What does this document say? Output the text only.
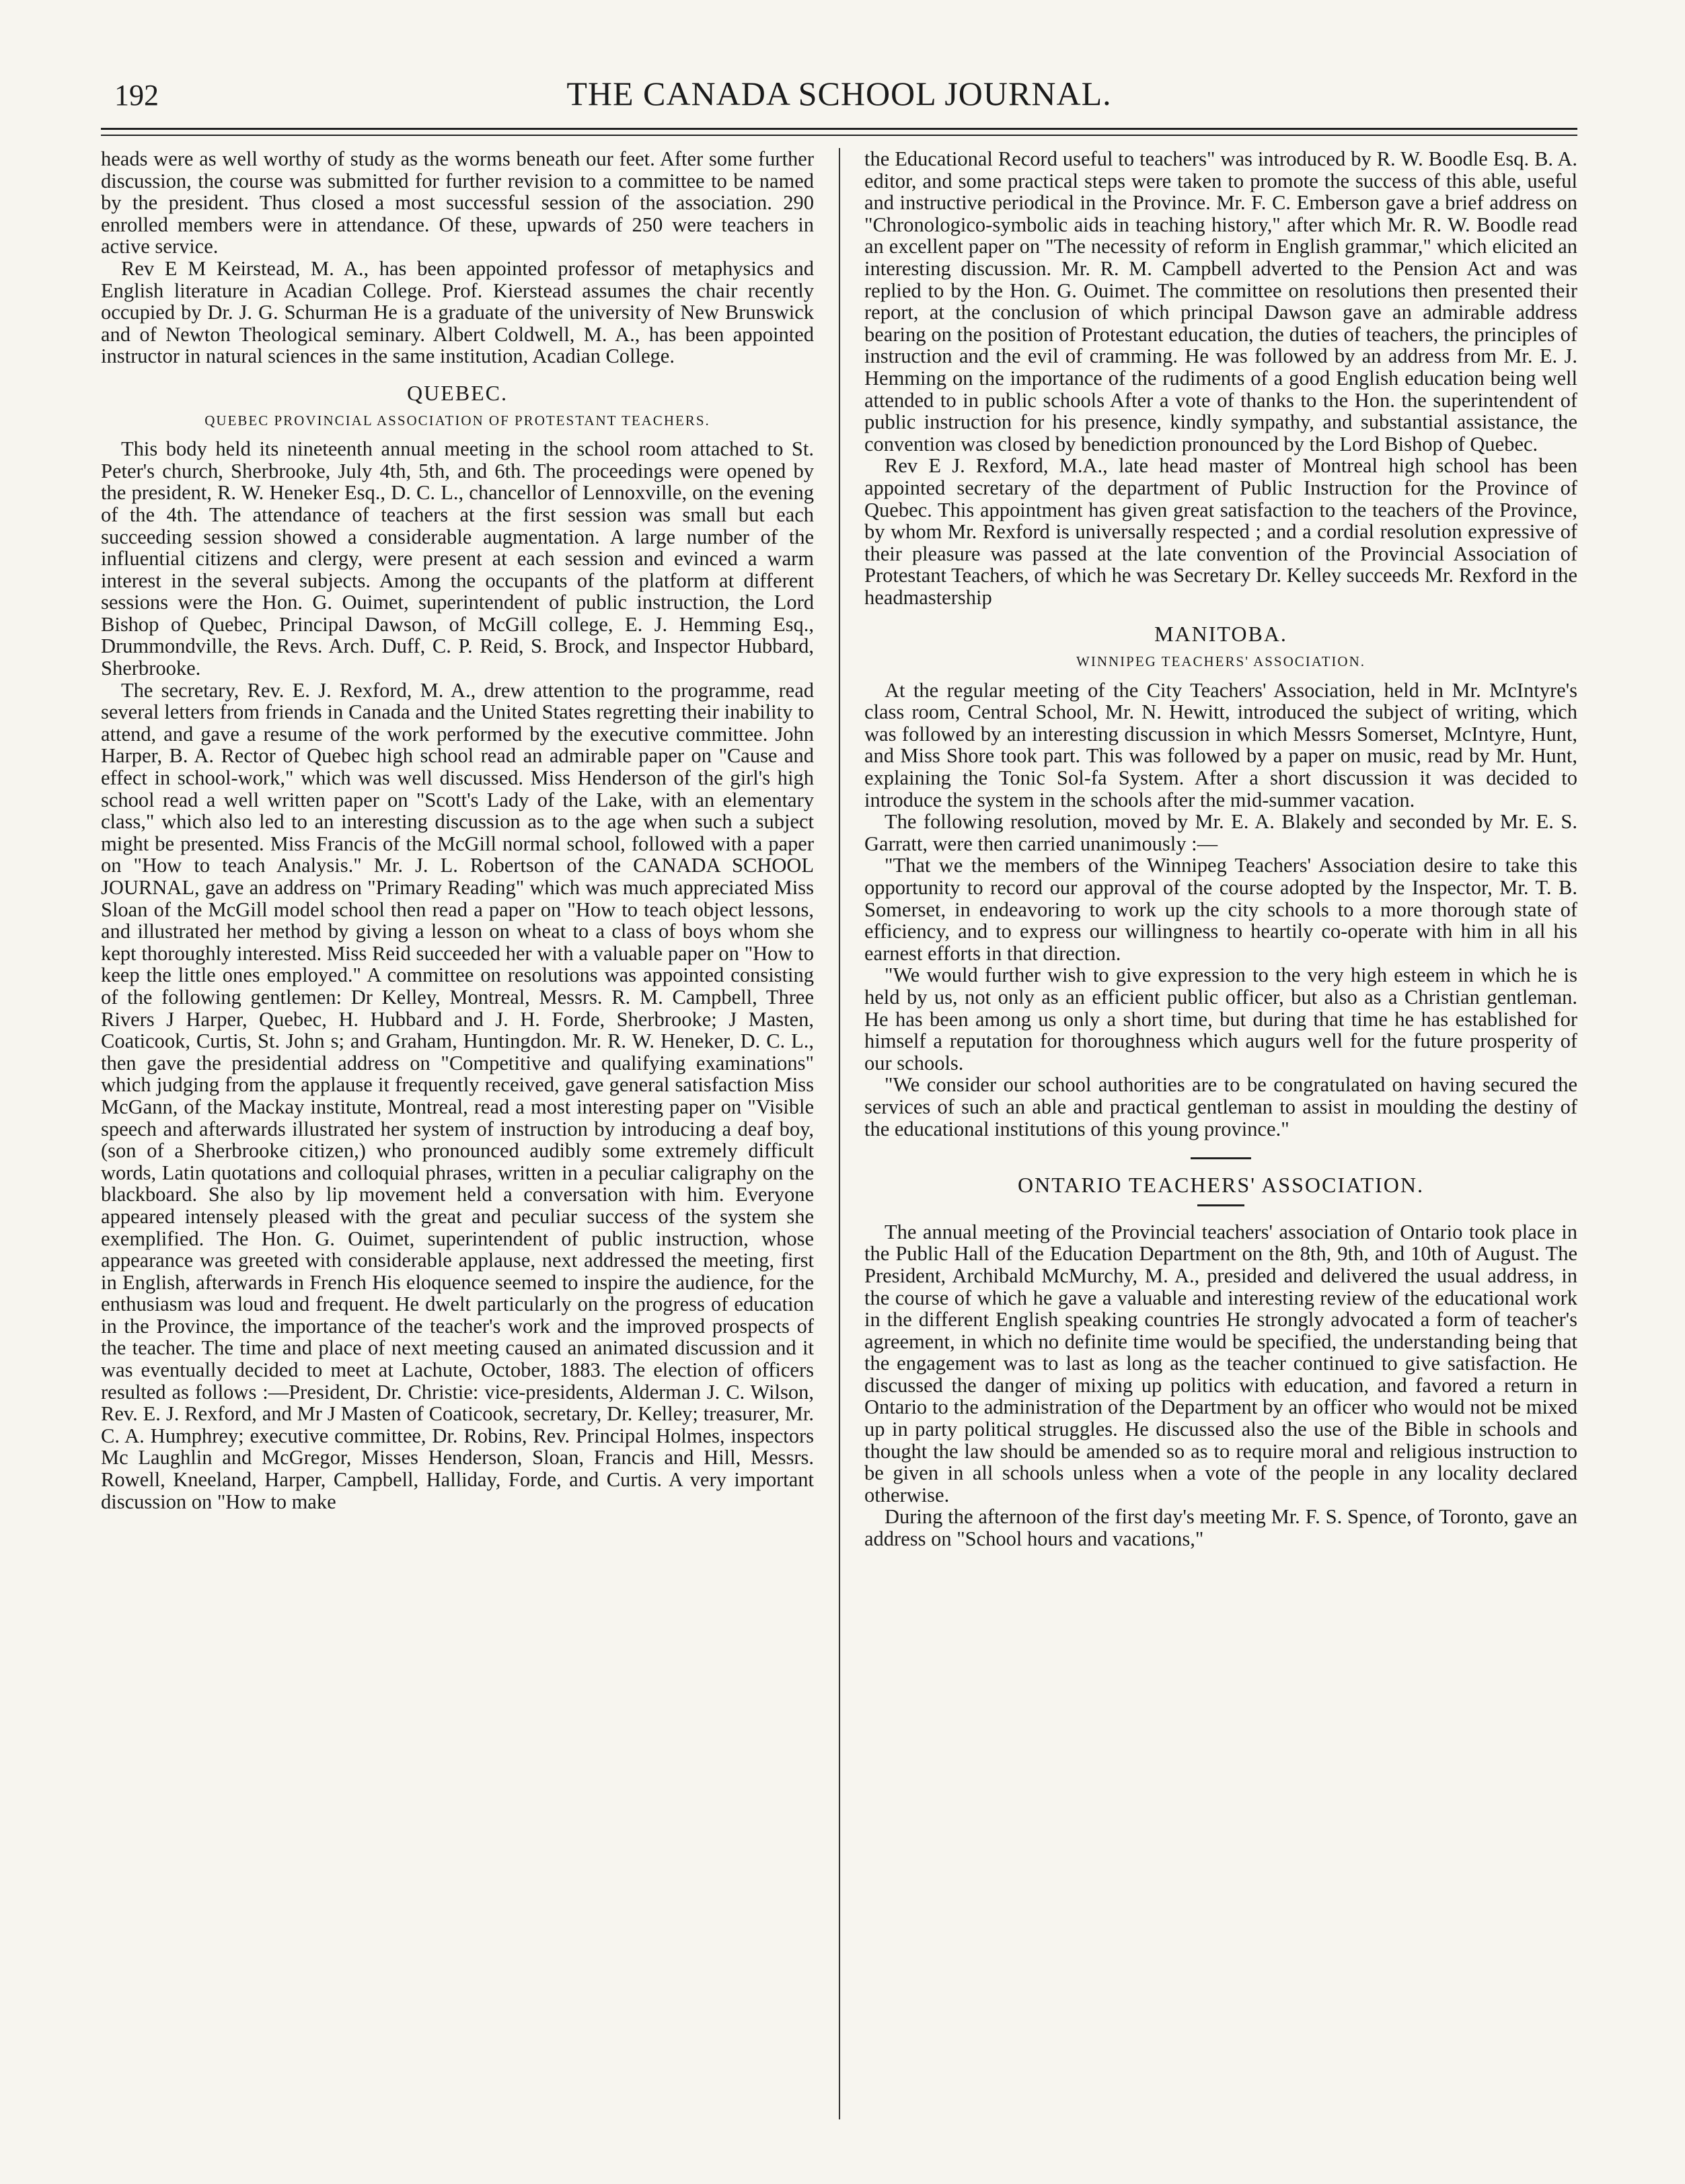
192	THE CANADA SCHOOL JOURNAL.

heads were as well worthy of study as the worms beneath our feet. After some further discussion, the course was submitted for further revision to a committee to be named by the president. Thus closed a most successful session of the association. 290 enrolled members were in attendance. Of these, upwards of 250 were teachers in active service.

Rev E M Keirstead, M. A., has been appointed professor of metaphysics and English literature in Acadian College. Prof. Kierstead assumes the chair recently occupied by Dr. J. G. Schurman He is a graduate of the university of New Brunswick and of Newton Theological seminary. Albert Coldwell, M. A., has been appointed instructor in natural sciences in the same institution, Acadian College.

QUEBEC.
QUEBEC PROVINCIAL ASSOCIATION OF PROTESTANT TEACHERS.

This body held its nineteenth annual meeting in the school room attached to St. Peter's church, Sherbrooke, July 4th, 5th, and 6th. The proceedings were opened by the president, R. W. Heneker Esq., D. C. L., chancellor of Lennoxville, on the evening of the 4th. The attendance of teachers at the first session was small but each succeeding session showed a considerable augmentation. A large number of the influential citizens and clergy, were present at each session and evinced a warm interest in the several subjects. Among the occupants of the platform at different sessions were the Hon. G. Ouimet, superintendent of public instruction, the Lord Bishop of Quebec, Principal Dawson, of McGill college, E. J. Hemming Esq., Drummondville, the Revs. Arch. Duff, C. P. Reid, S. Brock, and Inspector Hubbard, Sherbrooke.

The secretary, Rev. E. J. Rexford, M. A., drew attention to the programme, read several letters from friends in Canada and the United States regretting their inability to attend, and gave a resume of the work performed by the executive committee. John Harper, B. A. Rector of Quebec high school read an admirable paper on "Cause and effect in school-work," which was well discussed. Miss Henderson of the girl's high school read a well written paper on "Scott's Lady of the Lake, with an elementary class," which also led to an interesting discussion as to the age when such a subject might be presented. Miss Francis of the McGill normal school, followed with a paper on "How to teach Analysis." Mr. J. L. Robertson of the CANADA SCHOOL JOURNAL, gave an address on "Primary Reading" which was much appreciated Miss Sloan of the McGill model school then read a paper on "How to teach object lessons, and illustrated her method by giving a lesson on wheat to a class of boys whom she kept thoroughly interested. Miss Reid succeeded her with a valuable paper on "How to keep the little ones employed." A committee on resolutions was appointed consisting of the following gentlemen: Dr Kelley, Montreal, Messrs. R. M. Campbell, Three Rivers J Harper, Quebec, H. Hubbard and J. H. Forde, Sherbrooke; J Masten, Coaticook, Curtis, St. John s; and Graham, Huntingdon. Mr. R. W. Heneker, D. C. L., then gave the presidential address on "Competitive and qualifying examinations" which judging from the applause it frequently received, gave general satisfaction Miss McGann, of the Mackay institute, Montreal, read a most interesting paper on "Visible speech and afterwards illustrated her system of instruction by introducing a deaf boy, (son of a Sherbrooke citizen,) who pronounced audibly some extremely difficult words, Latin quotations and colloquial phrases, written in a peculiar caligraphy on the blackboard. She also by lip movement held a conversation with him. Everyone appeared intensely pleased with the great and peculiar success of the system she exemplified. The Hon. G. Ouimet, superintendent of public instruction, whose appearance was greeted with considerable applause, next addressed the meeting, first in English, afterwards in French His eloquence seemed to inspire the audience, for the enthusiasm was loud and frequent. He dwelt particularly on the progress of education in the Province, the importance of the teacher's work and the improved prospects of the teacher. The time and place of next meeting caused an animated discussion and it was eventually decided to meet at Lachute, October, 1883. The election of officers resulted as follows :—President, Dr. Christie: vice-presidents, Alderman J. C. Wilson, Rev. E. J. Rexford, and Mr J Masten of Coaticook, secretary, Dr. Kelley; treasurer, Mr. C. A. Humphrey; executive committee, Dr. Robins, Rev. Principal Holmes, inspectors Mc Laughlin and McGregor, Misses Henderson, Sloan, Francis and Hill, Messrs. Rowell, Kneeland, Harper, Campbell, Halliday, Forde, and Curtis. A very important discussion on "How to make

the Educational Record useful to teachers" was introduced by R. W. Boodle Esq. B. A. editor, and some practical steps were taken to promote the success of this able, useful and instructive periodical in the Province. Mr. F. C. Emberson gave a brief address on "Chronologico-symbolic aids in teaching history," after which Mr. R. W. Boodle read an excellent paper on "The necessity of reform in English grammar," which elicited an interesting discussion. Mr. R. M. Campbell adverted to the Pension Act and was replied to by the Hon. G. Ouimet. The committee on resolutions then presented their report, at the conclusion of which principal Dawson gave an admirable address bearing on the position of Protestant education, the duties of teachers, the principles of instruction and the evil of cramming. He was followed by an address from Mr. E. J. Hemming on the importance of the rudiments of a good English education being well attended to in public schools After a vote of thanks to the Hon. the superintendent of public instruction for his presence, kindly sympathy, and substantial assistance, the convention was closed by benediction pronounced by the Lord Bishop of Quebec.

Rev E J. Rexford, M.A., late head master of Montreal high school has been appointed secretary of the department of Public Instruction for the Province of Quebec. This appointment has given great satisfaction to the teachers of the Province, by whom Mr. Rexford is universally respected ; and a cordial resolution expressive of their pleasure was passed at the late convention of the Provincial Association of Protestant Teachers, of which he was Secretary Dr. Kelley succeeds Mr. Rexford in the headmastership

MANITOBA.
WINNIPEG TEACHERS' ASSOCIATION.

At the regular meeting of the City Teachers' Association, held in Mr. McIntyre's class room, Central School, Mr. N. Hewitt, introduced the subject of writing, which was followed by an interesting discussion in which Messrs Somerset, McIntyre, Hunt, and Miss Shore took part. This was followed by a paper on music, read by Mr. Hunt, explaining the Tonic Sol-fa System. After a short discussion it was decided to introduce the system in the schools after the mid-summer vacation.

The following resolution, moved by Mr. E. A. Blakely and seconded by Mr. E. S. Garratt, were then carried unanimously :—

"That we the members of the Winnipeg Teachers' Association desire to take this opportunity to record our approval of the course adopted by the Inspector, Mr. T. B. Somerset, in endeavoring to work up the city schools to a more thorough state of efficiency, and to express our willingness to heartily co-operate with him in all his earnest efforts in that direction.

"We would further wish to give expression to the very high esteem in which he is held by us, not only as an efficient public officer, but also as a Christian gentleman. He has been among us only a short time, but during that time he has established for himself a reputation for thoroughness which augurs well for the future prosperity of our schools.

"We consider our school authorities are to be congratulated on having secured the services of such an able and practical gentleman to assist in moulding the destiny of the educational institutions of this young province."

ONTARIO TEACHERS' ASSOCIATION.

The annual meeting of the Provincial teachers' association of Ontario took place in the Public Hall of the Education Department on the 8th, 9th, and 10th of August. The President, Archibald McMurchy, M. A., presided and delivered the usual address, in the course of which he gave a valuable and interesting review of the educational work in the different English speaking countries He strongly advocated a form of teacher's agreement, in which no definite time would be specified, the understanding being that the engagement was to last as long as the teacher continued to give satisfaction. He discussed the danger of mixing up politics with education, and favored a return in Ontario to the administration of the Department by an officer who would not be mixed up in party political struggles. He discussed also the use of the Bible in schools and thought the law should be amended so as to require moral and religious instruction to be given in all schools unless when a vote of the people in any locality declared otherwise.

During the afternoon of the first day's meeting Mr. F. S. Spence, of Toronto, gave an address on "School hours and vacations,"
